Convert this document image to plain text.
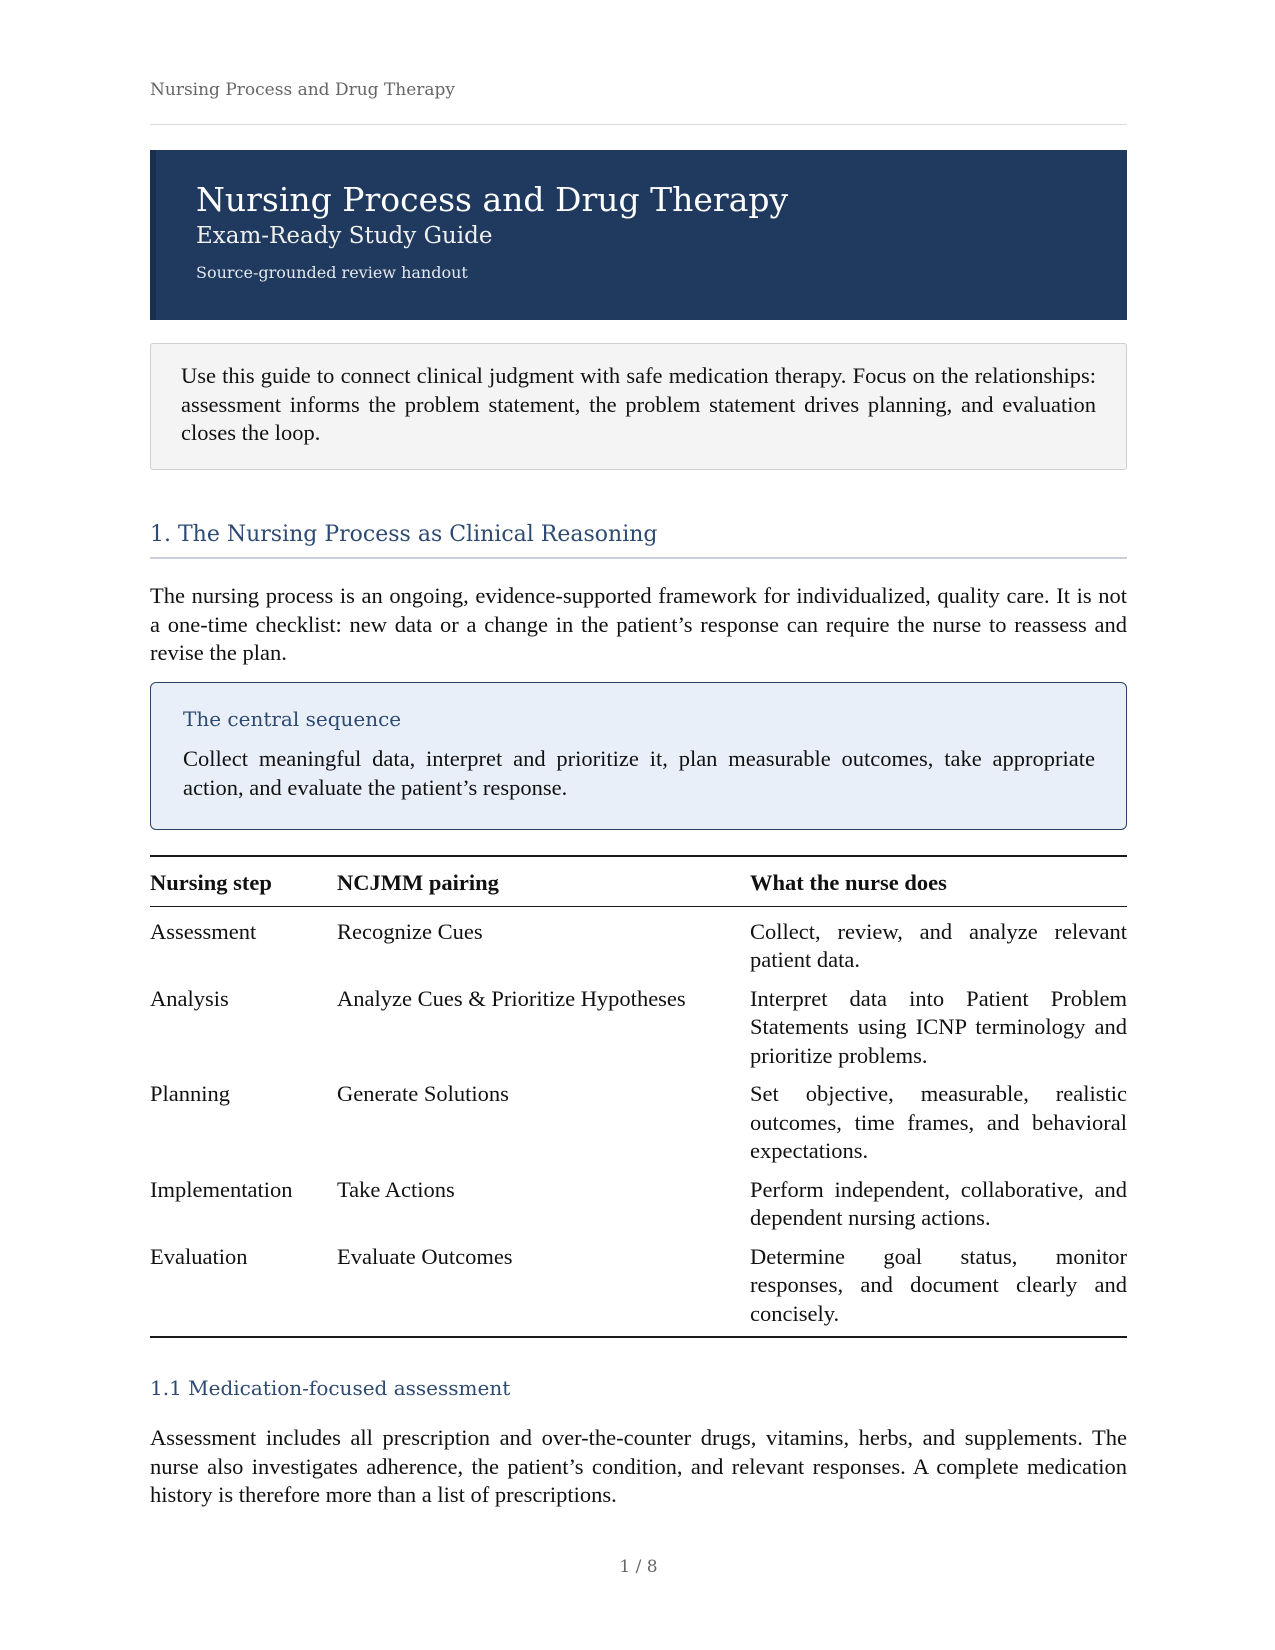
Nursing Process and Drug Therapy
Nursing Process and Drug Therapy
Exam-Ready Study Guide
Source-grounded review handout

Use this guide to connect clinical judgment with safe medication therapy. Focus on the relationships: assessment informs the problem statement, the problem statement drives planning, and evaluation closes the loop.

1. The Nursing Process as Clinical Reasoning

The nursing process is an ongoing, evidence-supported framework for individualized, quality care. It is not a one-time checklist: new data or a change in the patient’s response can require the nurse to reassess and revise the plan.

The central sequence

Collect meaningful data, interpret and prioritize it, plan measurable outcomes, take appropriate action, and evaluate the patient’s response.

Nursing step	NCJMM pairing	What the nurse does
Assessment	Recognize Cues	Collect, review, and analyze relevant patient data.
Analysis	Analyze Cues & Prioritize Hypotheses	Interpret data into Patient Problem Statements using ICNP terminology and prioritize problems.
Planning	Generate Solutions	Set objective, measurable, realistic outcomes, time frames, and behavioral expectations.
Implementation	Take Actions	Perform independent, collaborative, and dependent nursing actions.
Evaluation	Evaluate Outcomes	Determine goal status, monitor responses, and document clearly and concisely.
1.1 Medication-focused assessment

Assessment includes all prescription and over-the-counter drugs, vitamins, herbs, and supplements. The nurse also investigates adherence, the patient’s condition, and relevant responses. A complete medication history is therefore more than a list of prescriptions.

1 / 8
